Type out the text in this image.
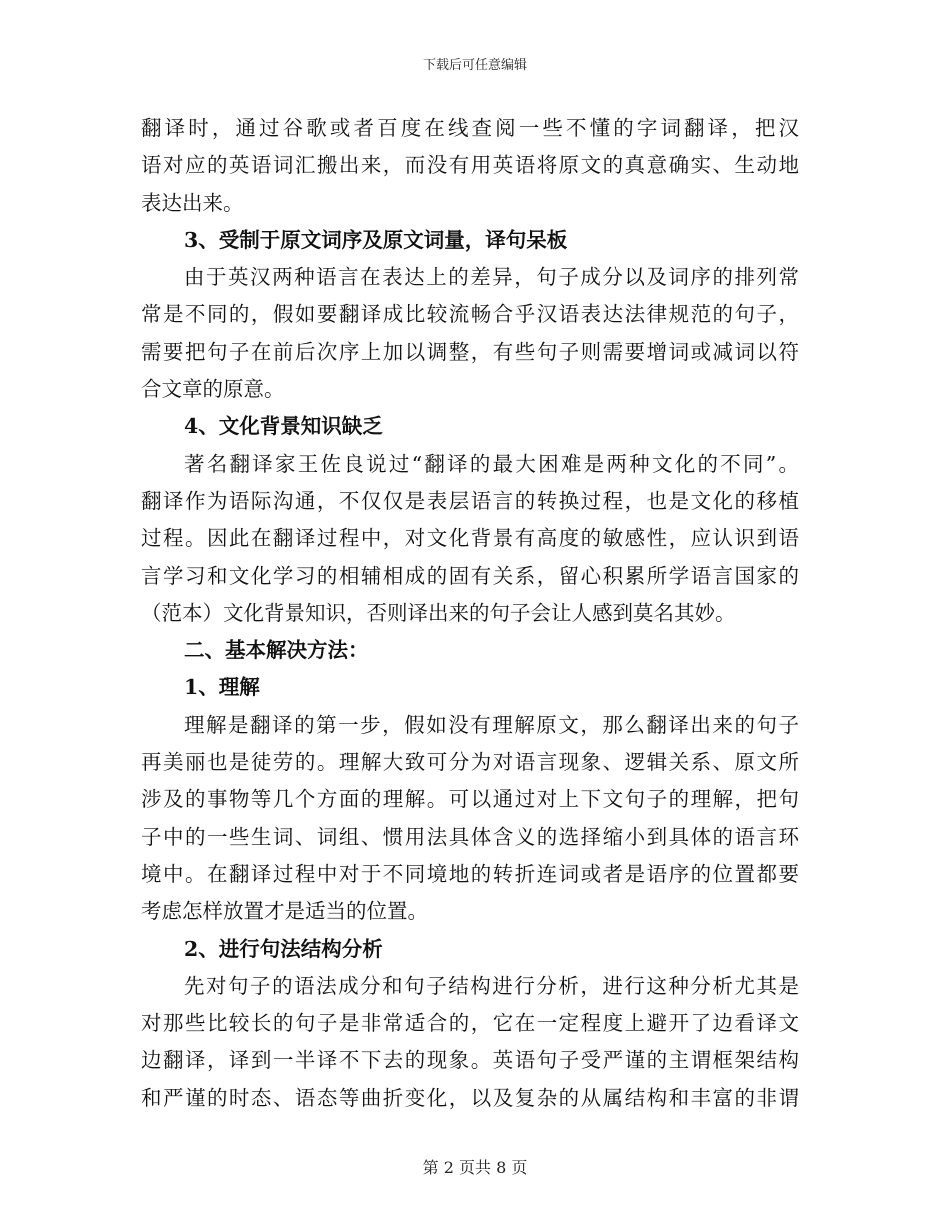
下载后可任意编辑
翻译时，通过谷歌或者百度在线查阅一些不懂的字词翻译，把汉
语对应的英语词汇搬出来，而没有用英语将原文的真意确实、生动地
表达出来。
3、受制于原文词序及原文词量，译句呆板
由于英汉两种语言在表达上的差异，句子成分以及词序的排列常
常是不同的，假如要翻译成比较流畅合乎汉语表达法律规范的句子，
需要把句子在前后次序上加以调整，有些句子则需要增词或减词以符
合文章的原意。
4、文化背景知识缺乏
著名翻译家王佐良说过“翻译的最大困难是两种文化的不同”。
翻译作为语际沟通，不仅仅是表层语言的转换过程，也是文化的移植
过程。因此在翻译过程中，对文化背景有高度的敏感性，应认识到语
言学习和文化学习的相辅相成的固有关系，留心积累所学语言国家的
（范本）文化背景知识，否则译出来的句子会让人感到莫名其妙。
二、基本解决方法：
1、理解
理解是翻译的第一步，假如没有理解原文，那么翻译出来的句子
再美丽也是徒劳的。理解大致可分为对语言现象、逻辑关系、原文所
涉及的事物等几个方面的理解。可以通过对上下文句子的理解，把句
子中的一些生词、词组、惯用法具体含义的选择缩小到具体的语言环
境中。在翻译过程中对于不同境地的转折连词或者是语序的位置都要
考虑怎样放置才是适当的位置。
2、进行句法结构分析
先对句子的语法成分和句子结构进行分析，进行这种分析尤其是
对那些比较长的句子是非常适合的，它在一定程度上避开了边看译文
边翻译，译到一半译不下去的现象。英语句子受严谨的主谓框架结构
和严谨的时态、语态等曲折变化，以及复杂的从属结构和丰富的非谓
第 2 页共 8 页
